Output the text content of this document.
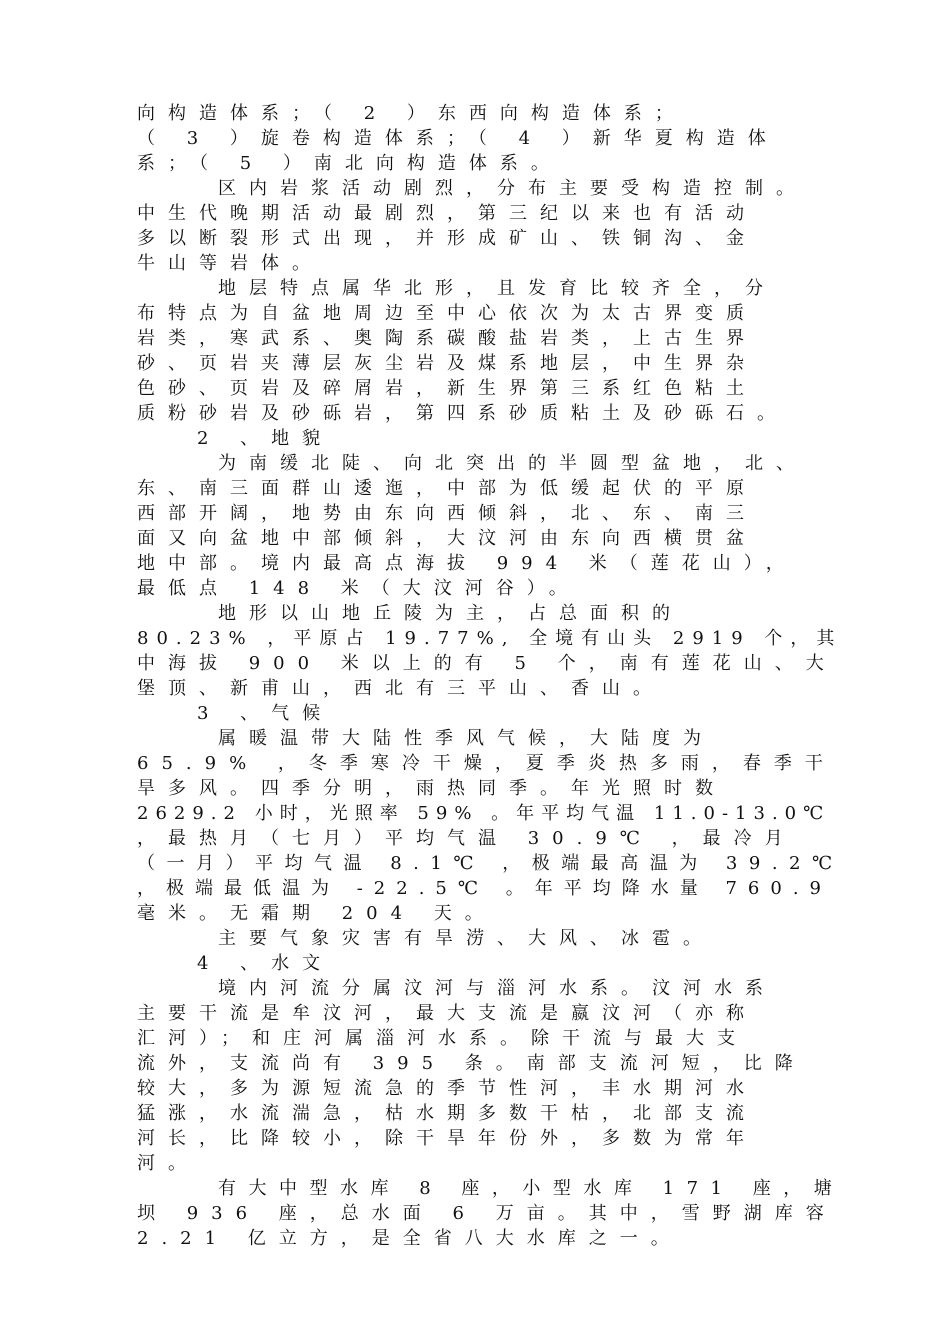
向构造体系；（ 2 ）东西向构造体系；
（ 3 ）旋卷构造体系；（ 4 ）新华夏构造体
系；（ 5 ）南北向构造体系。
区内岩浆活动剧烈，分布主要受构造控制。
中生代晚期活动最剧烈，第三纪以来也有活动
多以断裂形式出现，并形成矿山、铁铜沟、金
牛山等岩体。
地层特点属华北形，且发育比较齐全，分
布特点为自盆地周边至中心依次为太古界变质
岩类，寒武系、奥陶系碳酸盐岩类，上古生界
砂、页岩夹薄层灰尘岩及煤系地层，中生界杂
色砂、页岩及碎屑岩，新生界第三系红色粘土
质粉砂岩及砂砾岩，第四系砂质粘土及砂砾石。
2 、地貌
为南缓北陡、向北突出的半圆型盆地，北、
东、南三面群山逶迤，中部为低缓起伏的平原
西部开阔，地势由东向西倾斜，北、东、南三
面又向盆地中部倾斜，大汶河由东向西横贯盆
地中部。境内最高点海拔 994 米（莲花山），
最低点 148 米（大汶河谷）。
地形以山地丘陵为主，占总面积的
80.23% ，平原占 19.77%, 全境有山头 2919 个，其
中海拔 900 米以上的有 5 个，南有莲花山、大
堡顶、新甫山，西北有三平山、香山。
3 、气候
属暖温带大陆性季风气候，大陆度为
65.9% ，冬季寒冷干燥，夏季炎热多雨，春季干
旱多风。四季分明，雨热同季。年光照时数
2629.2 小时，光照率 59% 。年平均气温 11.0-13.0℃
，最热月（七月）平均气温 30.9℃ ，最冷月
（一月）平均气温 8.1℃ ，极端最高温为 39.2℃
，极端最低温为 -22.5℃ 。年平均降水量 760.9
毫米。无霜期 204 天。
主要气象灾害有旱涝、大风、冰雹。
4 、水文
境内河流分属汶河与淄河水系。汶河水系
主要干流是牟汶河，最大支流是嬴汶河（亦称
汇河）；和庄河属淄河水系。除干流与最大支
流外，支流尚有 395 条。南部支流河短，比降
较大，多为源短流急的季节性河，丰水期河水
猛涨，水流湍急，枯水期多数干枯，北部支流
河长，比降较小，除干旱年份外，多数为常年
河。
有大中型水库 8 座，小型水库 171 座，塘
坝 936 座，总水面 6 万亩。其中，雪野湖库容
2.21 亿立方，是全省八大水库之一。
